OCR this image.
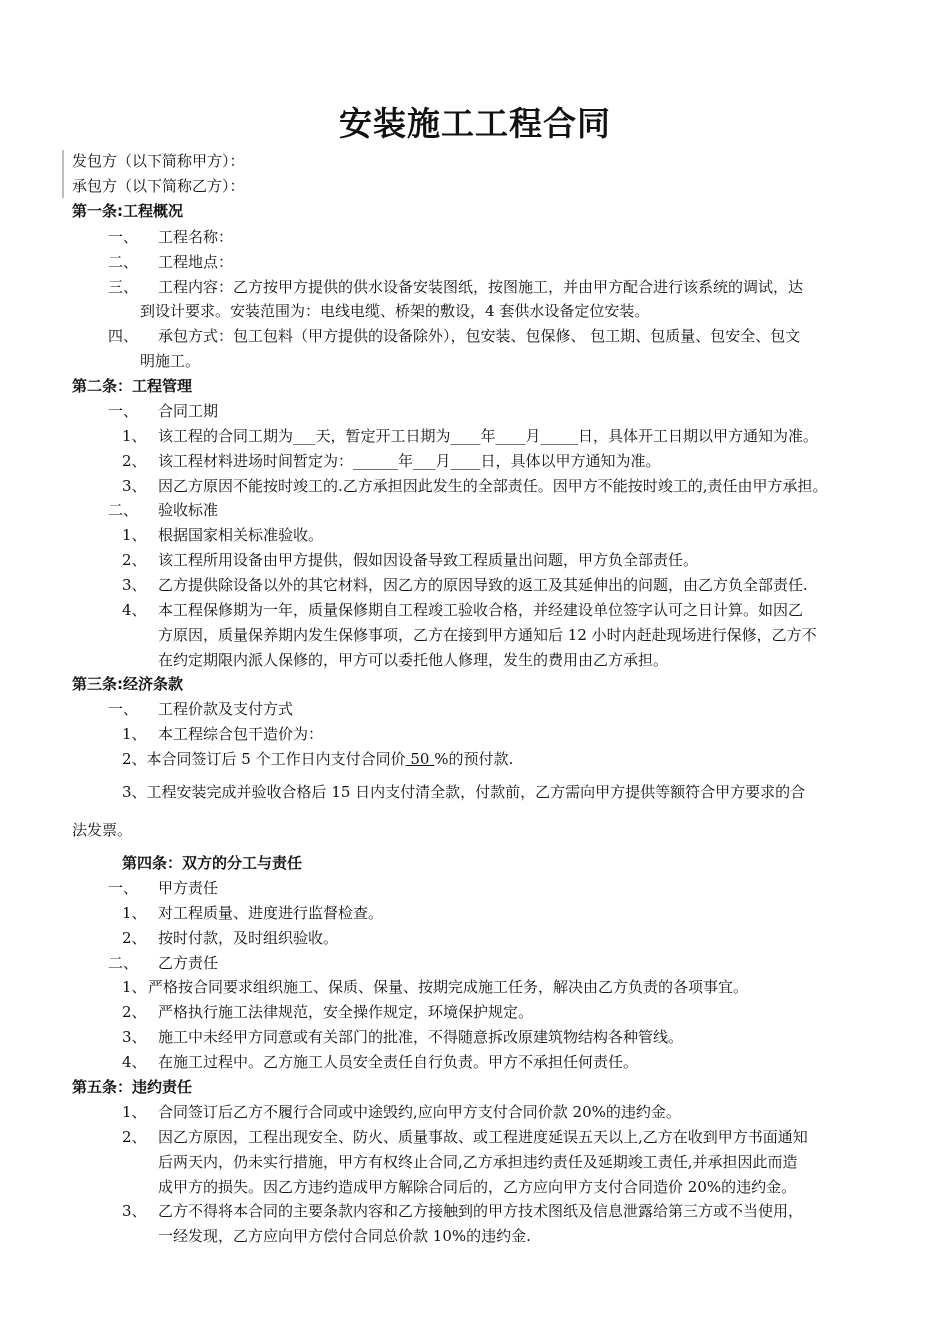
安装施工工程合同
发包方（以下简称甲方）：
承包方（以下简称乙方）：
第一条:工程概况
一、 工程名称：
二、 工程地点：
三、 工程内容：乙方按甲方提供的供水设备安装图纸，按图施工，并由甲方配合进行该系统的调试，达
到设计要求。安装范围为：电线电缆、桥架的敷设，4 套供水设备定位安装。
四、 承包方式：包工包料（甲方提供的设备除外），包安装、包保修、 包工期、包质量、包安全、包文
明施工。
第二条：工程管理
一、 合同工期
1、 该工程的合同工期为___天，暂定开工日期为____年____月_____日，具体开工日期以甲方通知为准。
2、 该工程材料进场时间暂定为：______年___月____日，具体以甲方通知为准。
3、 因乙方原因不能按时竣工的.乙方承担因此发生的全部责任。因甲方不能按时竣工的,责任由甲方承担。
二、 验收标准
1、 根据国家相关标准验收。
2、 该工程所用设备由甲方提供，假如因设备导致工程质量出问题，甲方负全部责任。
3、 乙方提供除设备以外的其它材料，因乙方的原因导致的返工及其延伸出的问题，由乙方负全部责任.
4、 本工程保修期为一年，质量保修期自工程竣工验收合格，并经建设单位签字认可之日计算。如因乙
方原因，质量保养期内发生保修事项，乙方在接到甲方通知后 12 小时内赶赴现场进行保修，乙方不
在约定期限内派人保修的，甲方可以委托他人修理，发生的费用由乙方承担。
第三条:经济条款
一、 工程价款及支付方式
1、 本工程综合包干造价为：
2、本合同签订后 5 个工作日内支付合同价 50 %的预付款.
3、工程安装完成并验收合格后 15 日内支付清全款，付款前，乙方需向甲方提供等额符合甲方要求的合
法发票。
第四条：双方的分工与责任
一、 甲方责任
1、 对工程质量、进度进行监督检查。
2、 按时付款，及时组织验收。
二、 乙方责任
1、 严格按合同要求组织施工、保质、保量、按期完成施工任务，解决由乙方负责的各项事宜。
2、 严格执行施工法律规范，安全操作规定，环境保护规定。
3、 施工中未经甲方同意或有关部门的批准，不得随意拆改原建筑物结构各种管线。
4、 在施工过程中。乙方施工人员安全责任自行负责。甲方不承担任何责任。
第五条：违约责任
1、 合同签订后乙方不履行合同或中途毁约,应向甲方支付合同价款 20%的违约金。
2、 因乙方原因，工程出现安全、防火、质量事故、或工程进度延误五天以上,乙方在收到甲方书面通知
后两天内，仍未实行措施，甲方有权终止合同,乙方承担违约责任及延期竣工责任,并承担因此而造
成甲方的损失。因乙方违约造成甲方解除合同后的，乙方应向甲方支付合同造价 20%的违约金。
3、 乙方不得将本合同的主要条款内容和乙方接触到的甲方技术图纸及信息泄露给第三方或不当使用，
一经发现，乙方应向甲方偿付合同总价款 10%的违约金.
